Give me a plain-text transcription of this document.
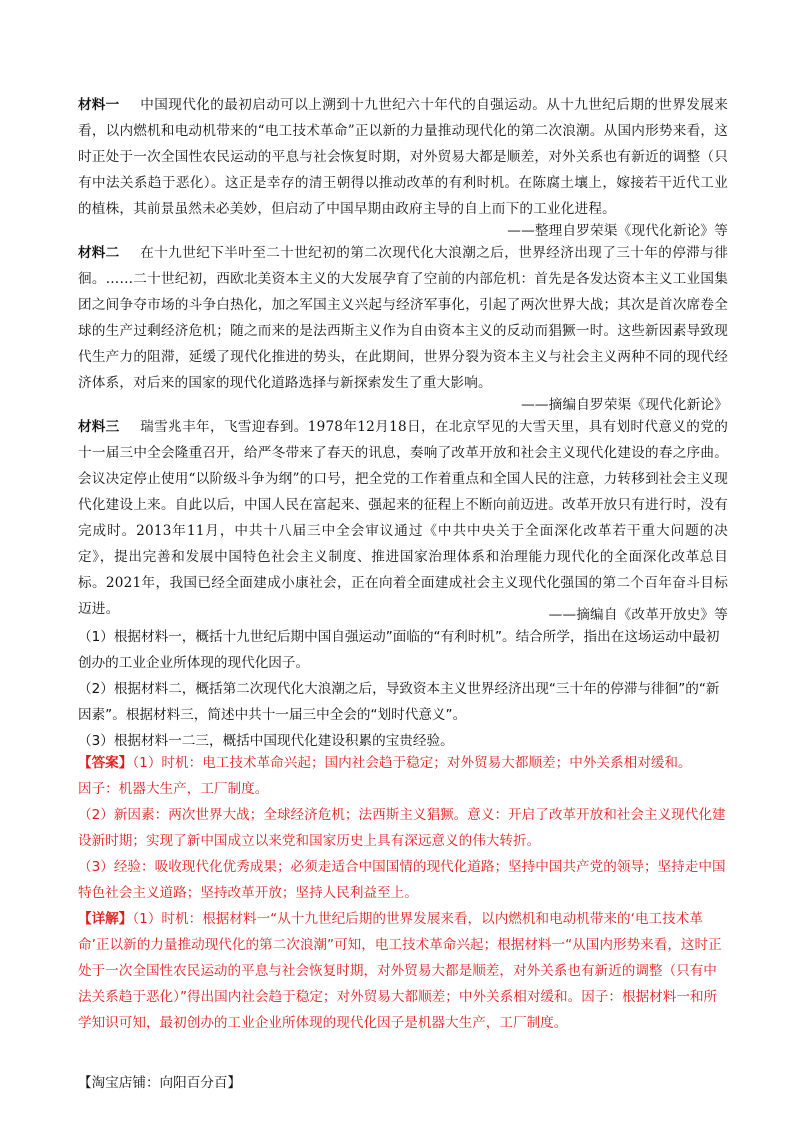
材料一 中国现代化的最初启动可以上溯到十九世纪六十年代的自强运动。从十九世纪后期的世界发展来看，以内燃机和电动机带来的“电工技术革命”正以新的力量推动现代化的第二次浪潮。从国内形势来看，这时正处于一次全国性农民运动的平息与社会恢复时期，对外贸易大都是顺差，对外关系也有新近的调整（只有中法关系趋于恶化）。这正是幸存的清王朝得以推动改革的有利时机。在陈腐土壤上，嫁接若干近代工业的植株，其前景虽然未必美妙，但启动了中国早期由政府主导的自上而下的工业化进程。

——整理自罗荣渠《现代化新论》等

材料二 在十九世纪下半叶至二十世纪初的第二次现代化大浪潮之后，世界经济出现了三十年的停滞与徘徊。……二十世纪初，西欧北美资本主义的大发展孕育了空前的内部危机：首先是各发达资本主义工业国集团之间争夺市场的斗争白热化，加之军国主义兴起与经济军事化，引起了两次世界大战；其次是首次席卷全球的生产过剩经济危机；随之而来的是法西斯主义作为自由资本主义的反动而猖獗一时。这些新因素导致现代生产力的阻滞，延缓了现代化推进的势头，在此期间，世界分裂为资本主义与社会主义两种不同的现代经济体系，对后来的国家的现代化道路选择与新探索发生了重大影响。

——摘编自罗荣渠《现代化新论》

材料三 瑞雪兆丰年，飞雪迎春到。1978年12月18日，在北京罕见的大雪天里，具有划时代意义的党的十一届三中全会隆重召开，给严冬带来了春天的讯息，奏响了改革开放和社会主义现代化建设的春之序曲。会议决定停止使用“以阶级斗争为纲”的口号，把全党的工作着重点和全国人民的注意，力转移到社会主义现代化建设上来。自此以后，中国人民在富起来、强起来的征程上不断向前迈进。改革开放只有进行时，没有完成时。2013年11月，中共十八届三中全会审议通过《中共中央关于全面深化改革若干重大问题的决定》，提出完善和发展中国特色社会主义制度、推进国家治理体系和治理能力现代化的全面深化改革总目标。2021年，我国已经全面建成小康社会，正在向着全面建成社会主义现代化强国的第二个百年奋斗目标迈进。	——摘编自《改革开放史》等

（1）根据材料一，概括十九世纪后期中国自强运动”面临的“有利时机”。结合所学，指出在这场运动中最初创办的工业企业所体现的现代化因子。

（2）根据材料二，概括第二次现代化大浪潮之后，导致资本主义世界经济出现“三十年的停滞与徘徊”的“新因素”。根据材料三，简述中共十一届三中全会的“划时代意义”。

（3）根据材料一二三，概括中国现代化建设积累的宝贵经验。

【答案】（1）时机：电工技术革命兴起；国内社会趋于稳定；对外贸易大都顺差；中外关系相对缓和。

因子：机器大生产，工厂制度。

（2）新因素：两次世界大战；全球经济危机；法西斯主义猖獗。意义：开启了改革开放和社会主义现代化建设新时期；实现了新中国成立以来党和国家历史上具有深远意义的伟大转折。

（3）经验：吸收现代化优秀成果；必须走适合中国国情的现代化道路；坚持中国共产党的领导；坚持走中国特色社会主义道路；坚持改革开放；坚持人民利益至上。

【详解】（1）时机：根据材料一“从十九世纪后期的世界发展来看，以内燃机和电动机带来的‘电工技术革命’正以新的力量推动现代化的第二次浪潮”可知，电工技术革命兴起；根据材料一“从国内形势来看，这时正处于一次全国性农民运动的平息与社会恢复时期，对外贸易大都是顺差，对外关系也有新近的调整（只有中法关系趋于恶化）”得出国内社会趋于稳定；对外贸易大都顺差；中外关系相对缓和。因子：根据材料一和所学知识可知，最初创办的工业企业所体现的现代化因子是机器大生产，工厂制度。

【淘宝店铺：向阳百分百】
